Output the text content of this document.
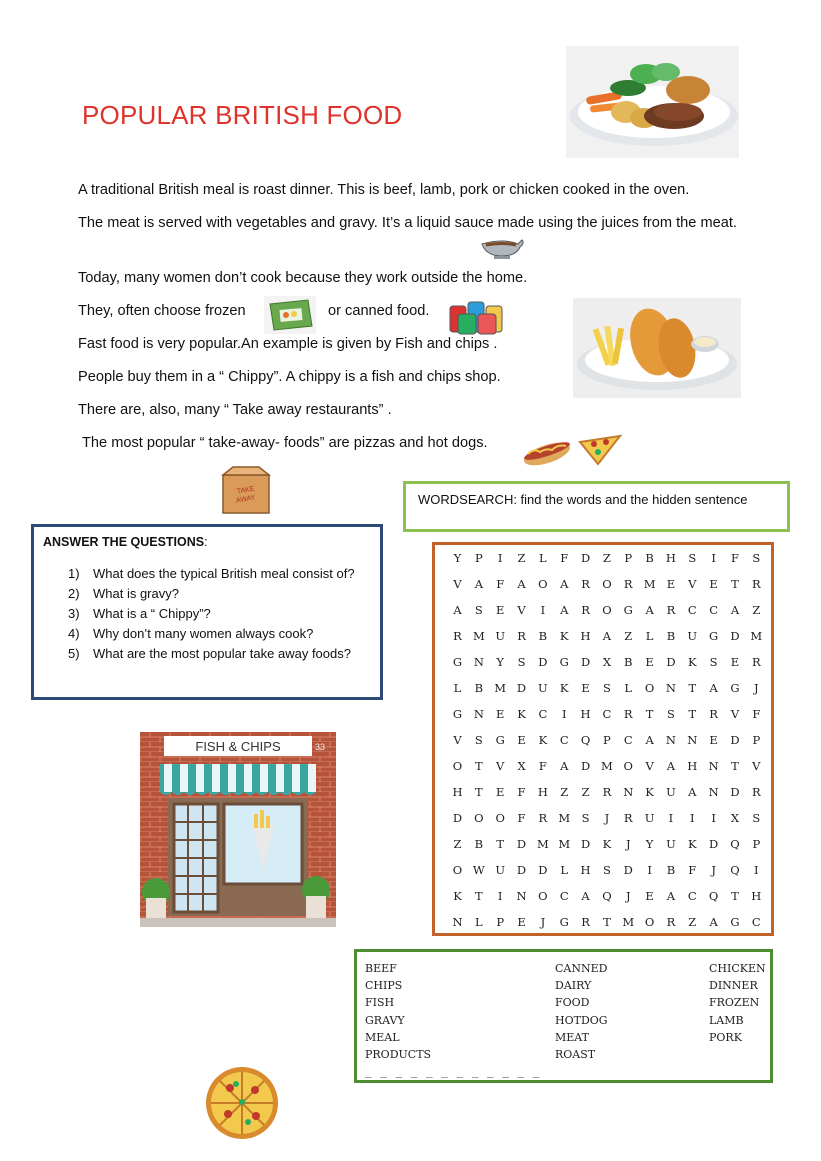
POPULAR BRITISH FOOD
A traditional British meal is roast dinner. This is beef, lamb, pork or chicken cooked in the oven.
The meat is served with vegetables and gravy. It’s a liquid sauce made using the juices from the meat.
Today, many women don’t cook because they work outside the home.
They, often choose frozen	or canned food.
Fast food is very popular.An example is given by Fish and chips .
People buy them in a “ Chippy”. A chippy is a fish and chips shop.
There are, also, many “ Take away restaurants” .
The most popular “ take-away- foods” are pizzas and hot dogs.
TAKE
AWAY	WORDSEARCH: find the words and the hidden sentence
ANSWER THE QUESTIONS:
1) What does the typical British meal consist of?
2) What is gravy?
3) What is a “ Chippy”?
4) Why don’t many women always cook?
5) What are the most popular take away foods?
FISH & CHIPS	33
Y	P	I	Z	L	F	D	Z	P	B	H	S	I	F	S
V	A	F	A	O	A	R	O	R M E	V	E	T	R
A	S	E	V	I	A	R	O	G	A	R	C	C	A	Z
R M U	R	B	K	H	A	Z	L	B	U	G	D M
G	N	Y	S	D	G	D	X	B	E	D	K	S	E	R
L	B M D	U	K	E	S	L	O	N	T	A	G	J
G	N	E	K	C	I	H	C	R	T	S	T	R	V	F
V	S	G	E	K	C	Q	P	C	A	N N	E	D	P
O	T	V	X	F	A	D M O	V	A	H N	T	V
H	T	E	F	H	Z	Z	R	N	K	U	A	N	D	R
D	O	O	F	R M	S	J	R	U	I	I	I	X	S
Z	B	T	D M M D	K	J	Y	U	K	D	Q	P
O W U	D	D	L	H	S	D	I	B	F	J	Q	I
K	T	I	N	O	C	A	Q	J	E	A	C	Q	T	H
N	L	P	E	J	G	R	T	M O	R	Z	A	G	C
BEEF
CHIPS
FISH
GRAVY
MEAL
PRODUCTS
CANNED
DAIRY
FOOD
HOTDOG
MEAT
ROAST
CHICKEN
DINNER
FROZEN
LAMB
PORK
_ _ _ _ _ _ _ _ _ _ _ _
